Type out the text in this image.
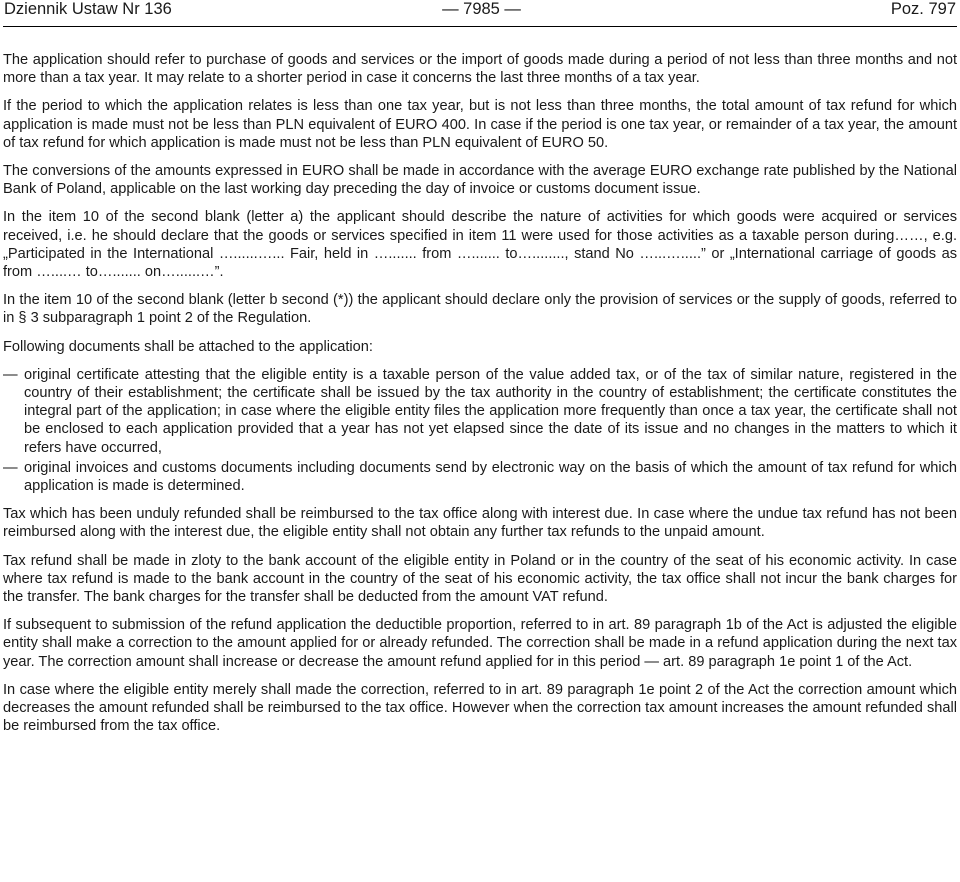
Dziennik Ustaw Nr 136	— 7985 —	Poz. 797

The application should refer to purchase of goods and services or the import of goods made during a period of not less than three months and not more than a tax year. It may relate to a shorter period in case it concerns the last three months of a tax year.

If the period to which the application relates is less than one tax year, but is not less than three months, the total amount of tax refund for which application is made must not be less than PLN equivalent of EURO 400. In case if the period is one tax year, or remainder of a tax year, the amount of tax refund for which application is made must not be less than PLN equivalent of EURO 50.

The conversions of the amounts expressed in EURO shall be made in accordance with the average EURO exchange rate published by the National Bank of Poland, applicable on the last working day preceding the day of invoice or customs document issue.

In the item 10 of the second blank (letter a) the applicant should describe the nature of activities for which goods were acquired or services received, i.e. he should declare that the goods or services specified in item 11 were used for those activities as a taxable person during……, e.g. „Participated in the International …......…... Fair, held in …....... from …....... to…........, stand No …...….....” or „International carriage of goods as from …....… to…....... on…......…”.

In the item 10 of the second blank (letter b second (*)) the applicant should declare only the provision of services or the supply of goods, referred to in § 3 subparagraph 1 point 2 of the Regulation.

Following documents shall be attached to the application:

— original certificate attesting that the eligible entity is a taxable person of the value added tax, or of the tax of similar nature, registered in the country of their establishment; the certificate shall be issued by the tax authority in the country of establishment; the certificate constitutes the integral part of the application; in case where the eligible entity files the application more frequently than once a tax year, the certificate shall not be enclosed to each application provided that a year has not yet elapsed since the date of its issue and no changes in the matters to which it refers have occurred,
— original invoices and customs documents including documents send by electronic way on the basis of which the amount of tax refund for which application is made is determined.

Tax which has been unduly refunded shall be reimbursed to the tax office along with interest due. In case where the undue tax refund has not been reimbursed along with the interest due, the eligible entity shall not obtain any further tax refunds to the unpaid amount.

Tax refund shall be made in zloty to the bank account of the eligible entity in Poland or in the country of the seat of his economic activity. In case where tax refund is made to the bank account in the country of the seat of his economic activity, the tax office shall not incur the bank charges for the transfer. The bank charges for the transfer shall be deducted from the amount VAT refund.

If subsequent to submission of the refund application the deductible proportion, referred to in art. 89 paragraph 1b of the Act is adjusted the eligible entity shall make a correction to the amount applied for or already refunded. The correction shall be made in a refund application during the next tax year. The correction amount shall increase or decrease the amount refund applied for in this period — art. 89 paragraph 1e point 1 of the Act.

In case where the eligible entity merely shall made the correction, referred to in art. 89 paragraph 1e point 2 of the Act the correction amount which decreases the amount refunded shall be reimbursed to the tax office. However when the correction tax amount increases the amount refunded shall be reimbursed from the tax office.
